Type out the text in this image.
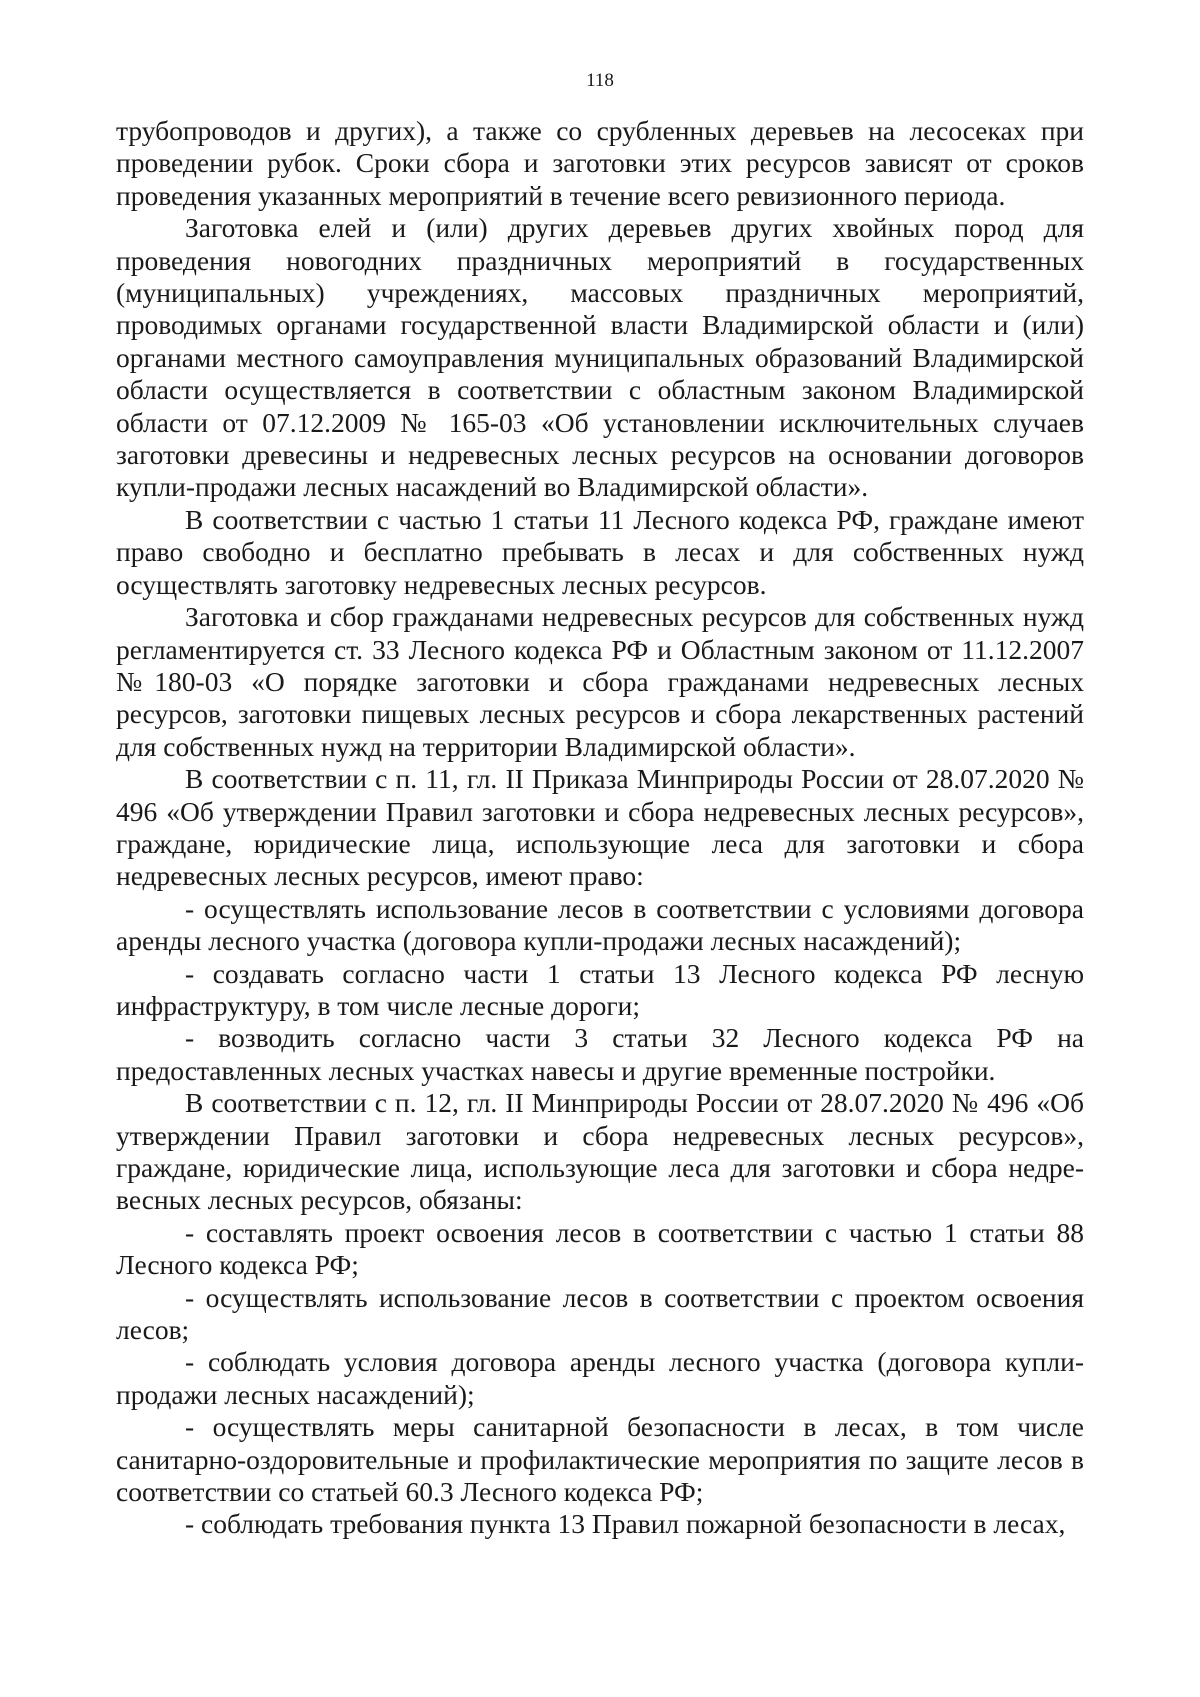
118

трубопроводов и других), а также со срубленных деревьев на лесосеках при проведении рубок. Сроки сбора и заготовки этих ресурсов зависят от сроков проведения указанных мероприятий в течение всего ревизионного периода.

Заготовка елей и (или) других деревьев других хвойных пород для проведения новогодних праздничных мероприятий в государственных (муниципальных) учреждениях, массовых праздничных мероприятий, проводимых органами государственной власти Владимирской области и (или) органами местного самоуправления муниципальных образований Владимирской области осуществляется в соответствии с областным законом Владимирской области от 07.12.2009 № 165-03 «Об установлении исключительных случаев заготовки древесины и недревесных лесных ресурсов на основании договоров купли-продажи лесных насаждений во Владимирской области».

В соответствии с частью 1 статьи 11 Лесного кодекса РФ, граждане имеют право свободно и бесплатно пребывать в лесах и для собственных нужд осуществлять заготовку недревесных лесных ресурсов.

Заготовка и сбор гражданами недревесных ресурсов для собственных нужд регламентируется ст. 33 Лесного кодекса РФ и Областным законом от 11.12.2007 №180-03 «О порядке заготовки и сбора гражданами недревесных лесных ресурсов, заготовки пищевых лесных ресурсов и сбора лекарственных растений для собственных нужд на территории Владимирской области».

В соответствии с п. 11, гл. II Приказа Минприроды России от 28.07.2020 № 496 «Об утверждении Правил заготовки и сбора недревесных лесных ресурсов», граждане, юридические лица, использующие леса для заготовки и сбора недревесных лесных ресурсов, имеют право:

- осуществлять использование лесов в соответствии с условиями договора аренды лесного участка (договора купли-продажи лесных насаждений);

- создавать согласно части 1 статьи 13 Лесного кодекса РФ лесную инфраструктуру, в том числе лесные дороги;

- возводить согласно части 3 статьи 32 Лесного кодекса РФ на предоставленных лесных участках навесы и другие временные постройки.

В соответствии с п. 12, гл. II Минприроды России от 28.07.2020 № 496 «Об утверждении Правил заготовки и сбора недревесных лесных ресурсов», граждане, юридические лица, использующие леса для заготовки и сбора недревесных лесных ресурсов, обязаны:

- составлять проект освоения лесов в соответствии с частью 1 статьи 88 Лесного кодекса РФ;

- осуществлять использование лесов в соответствии с проектом освоения лесов;

- соблюдать условия договора аренды лесного участка (договора купли-продажи лесных насаждений);

- осуществлять меры санитарной безопасности в лесах, в том числе санитарно-оздоровительные и профилактические мероприятия по защите лесов в соответствии со статьей 60.3 Лесного кодекса РФ;

- соблюдать требования пункта 13 Правил пожарной безопасности в лесах,
